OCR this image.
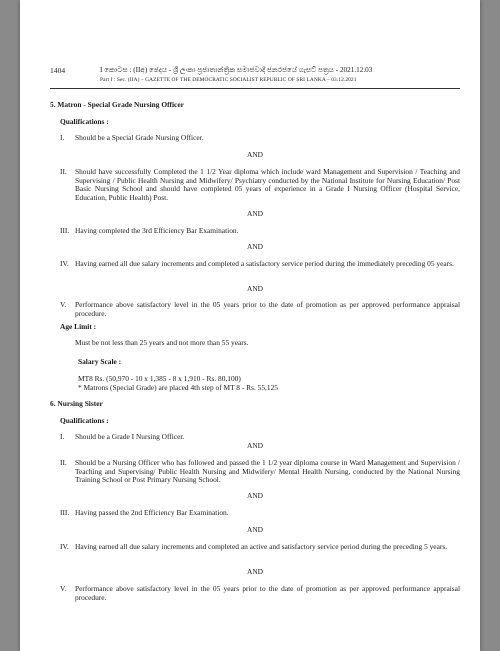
1404	I කොටස : (IIඅ) ඡෙදය - ශ්‍රී ලංකා ප්‍රජාතාන්ත්‍රික සමාජවාදී ජනරජයේ ගැසට් පත්‍රය - 2021.12.03
Part I : Sec. (IIA) – GAZETTE OF THE DEMOCRATIC SOCIALIST REPUBLIC OF SRI LANKA – 03.12.2021
5. Matron - Special Grade Nursing Officer
Qualifications :
I. Should be a Special Grade Nursing Officer.
AND
II. Should have successfully Completed the 1 1/2 Year diploma which include ward Management and Supervision / Teaching and Supervising / Public Health Nursing and Midwifery/ Psychiatry conducted by the National Institute for Nursing Education/ Post Basic Nursing School and should have completed 05 years of experience in a Grade I Nursing Officer (Hospital Service, Education, Public Health) Post.
AND
III. Having completed the 3rd Efficiency Bar Examination.
AND
IV. Having earned all due salary increments and completed a satisfactory service period during the immediately preceding 05 years.
AND
V. Performance above satisfactory level in the 05 years prior to the date of promotion as per approved performance appraisal procedure.
Age Limit :
Must be not less than 25 years and not more than 55 years.
Salary Scale :
MT8 Rs. (50,970 - 10 x 1,385 - 8 x 1,910 - Rs. 80,100)
* Matrons (Special Grade) are placed 4th step of MT 8 - Rs. 55,125
6. Nursing Sister
Qualifications :
I. Should be a Grade I Nursing Officer.
AND
II. Should be a Nursing Officer who has followed and passed the 1 1/2 year diploma course in Ward Management and Supervision / Teaching and Supervising/ Public Health Nursing and Midwifery/ Mental Health Nursing, conducted by the National Nursing Training School or Post Primary Nursing School.
AND
III. Having passed the 2nd Efficiency Bar Examination.
AND
IV. Having earned all due salary increments and completed an active and satisfactory service period during the preceding 5 years.
AND
V. Performance above satisfactory level in the 05 years prior to the date of promotion as per approved performance appraisal procedure.
